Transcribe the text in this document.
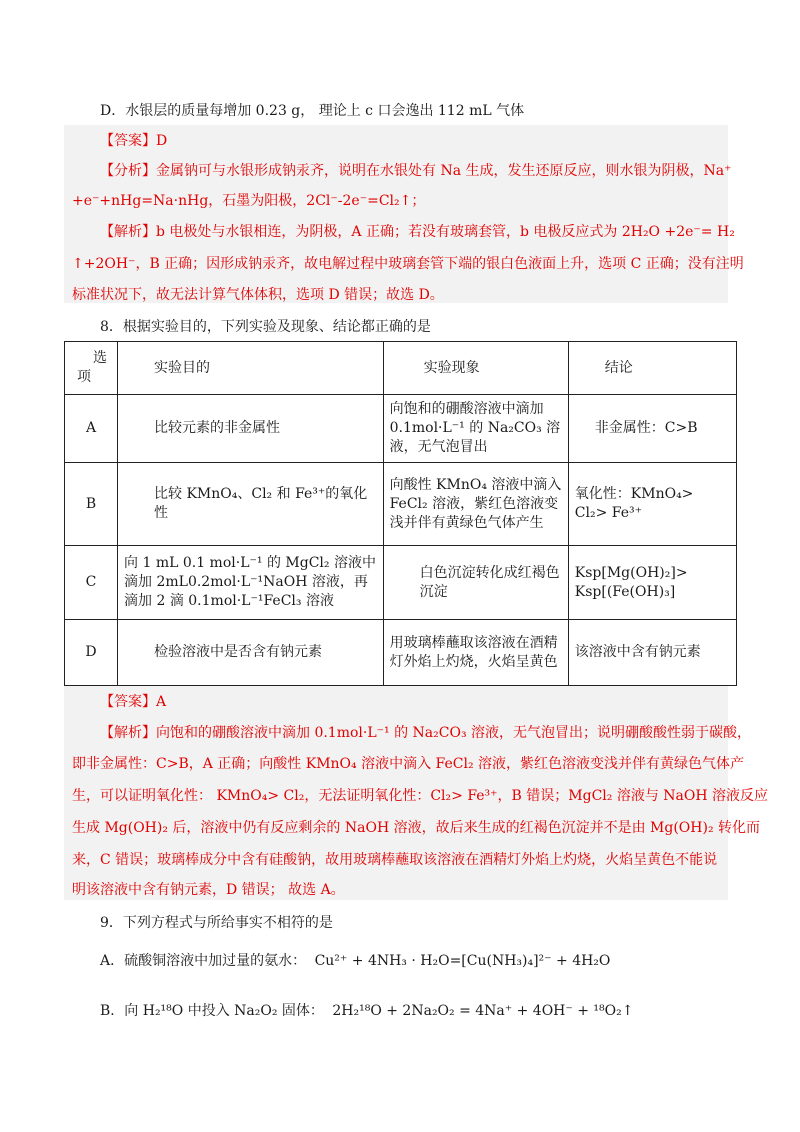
D．水银层的质量每增加 0.23 g， 理论上 c 口会逸出 112 mL 气体
【答案】D
【分析】金属钠可与水银形成钠汞齐，说明在水银处有 Na 生成，发生还原反应，则水银为阴极，Na⁺
+e⁻+nHg=Na·nHg，石墨为阳极，2Cl⁻-2e⁻=Cl₂↑；
【解析】b 电极处与水银相连，为阴极，A 正确；若没有玻璃套管，b 电极反应式为 2H₂O +2e⁻= H₂
↑+2OH⁻，B 正确；因形成钠汞齐，故电解过程中玻璃套管下端的银白色液面上升，选项 C 正确；没有注明
标准状况下，故无法计算气体体积，选项 D 错误；故选 D。
8．根据实验目的，下列实验及现象、结论都正确的是
选
项	实验目的	实验现象	结论
A	比较元素的非金属性	向饱和的硼酸溶液中滴加 0.1mol·L⁻¹ 的 Na₂CO₃ 溶液，无气泡冒出	非金属性：C>B
B	比较 KMnO₄、Cl₂ 和 Fe³⁺的氧化性	向酸性 KMnO₄ 溶液中滴入 FeCl₂ 溶液，紫红色溶液变浅并伴有黄绿色气体产生	氧化性：KMnO₄> Cl₂> Fe³⁺
C	向 1 mL 0.1 mol·L⁻¹ 的 MgCl₂ 溶液中滴加 2mL0.2mol·L⁻¹NaOH 溶液，再滴加 2 滴 0.1mol·L⁻¹FeCl₃ 溶液	白色沉淀转化成红褐色沉淀	Ksp[Mg(OH)₂]> Ksp[(Fe(OH)₃]
D	检验溶液中是否含有钠元素	用玻璃棒蘸取该溶液在酒精灯外焰上灼烧，火焰呈黄色	该溶液中含有钠元素
【答案】A
【解析】向饱和的硼酸溶液中滴加 0.1mol·L⁻¹ 的 Na₂CO₃ 溶液，无气泡冒出；说明硼酸酸性弱于碳酸，
即非金属性：C>B，A 正确；向酸性 KMnO₄ 溶液中滴入 FeCl₂ 溶液，紫红色溶液变浅并伴有黄绿色气体产
生，可以证明氧化性： KMnO₄> Cl₂，无法证明氧化性：Cl₂> Fe³⁺，B 错误；MgCl₂ 溶液与 NaOH 溶液反应
生成 Mg(OH)₂ 后，溶液中仍有反应剩余的 NaOH 溶液，故后来生成的红褐色沉淀并不是由 Mg(OH)₂ 转化而
来，C 错误；玻璃棒成分中含有硅酸钠，故用玻璃棒蘸取该溶液在酒精灯外焰上灼烧，火焰呈黄色不能说
明该溶液中含有钠元素，D 错误； 故选 A。
9．下列方程式与所给事实不相符的是
A．硫酸铜溶液中加过量的氨水： Cu²⁺ + 4NH₃ · H₂O=[Cu(NH₃)₄]²⁻ + 4H₂O
B．向 H₂¹⁸O 中投入 Na₂O₂ 固体： 2H₂¹⁸O + 2Na₂O₂ = 4Na⁺ + 4OH⁻ + ¹⁸O₂↑
